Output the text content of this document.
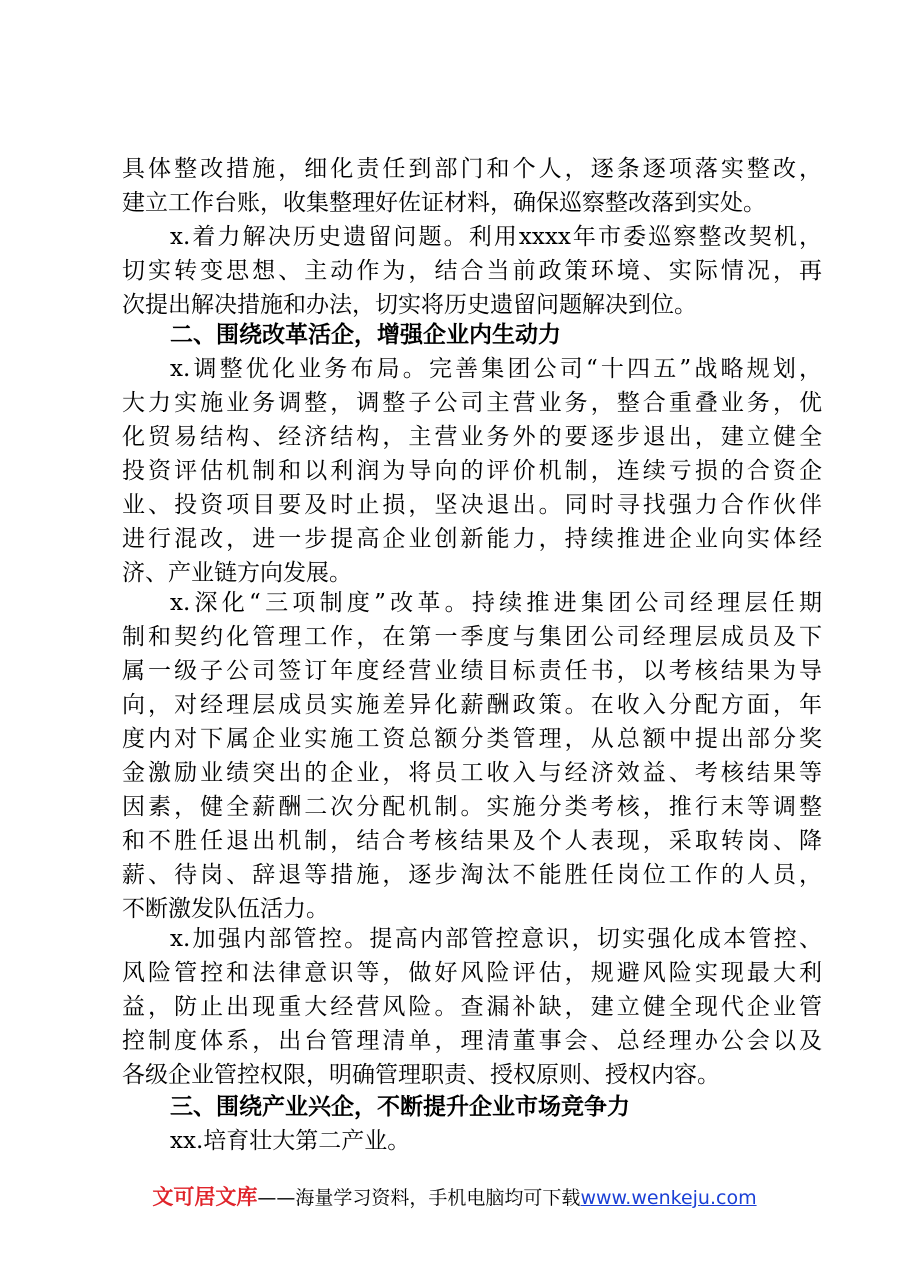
具体整改措施，细化责任到部门和个人，逐条逐项落实整改，

建立工作台账，收集整理好佐证材料，确保巡察整改落到实处。

x.着力解决历史遗留问题。利用xxxx年市委巡察整改契机，

切实转变思想、主动作为，结合当前政策环境、实际情况，再

次提出解决措施和办法，切实将历史遗留问题解决到位。

二、围绕改革活企，增强企业内生动力

x.调整优化业务布局。完善集团公司“十四五”战略规划，

大力实施业务调整，调整子公司主营业务，整合重叠业务，优

化贸易结构、经济结构，主营业务外的要逐步退出，建立健全

投资评估机制和以利润为导向的评价机制，连续亏损的合资企

业、投资项目要及时止损，坚决退出。同时寻找强力合作伙伴

进行混改，进一步提高企业创新能力，持续推进企业向实体经

济、产业链方向发展。

x.深化“三项制度”改革。持续推进集团公司经理层任期

制和契约化管理工作，在第一季度与集团公司经理层成员及下

属一级子公司签订年度经营业绩目标责任书，以考核结果为导

向，对经理层成员实施差异化薪酬政策。在收入分配方面，年

度内对下属企业实施工资总额分类管理，从总额中提出部分奖

金激励业绩突出的企业，将员工收入与经济效益、考核结果等

因素，健全薪酬二次分配机制。实施分类考核，推行末等调整

和不胜任退出机制，结合考核结果及个人表现，采取转岗、降

薪、待岗、辞退等措施，逐步淘汰不能胜任岗位工作的人员，

不断激发队伍活力。

x.加强内部管控。提高内部管控意识，切实强化成本管控、

风险管控和法律意识等，做好风险评估，规避风险实现最大利

益，防止出现重大经营风险。查漏补缺，建立健全现代企业管

控制度体系，出台管理清单，理清董事会、总经理办公会以及

各级企业管控权限，明确管理职责、授权原则、授权内容。

三、围绕产业兴企，不断提升企业市场竞争力

xx.培育壮大第二产业。

文可居文库——海量学习资料，手机电脑均可下载www.wenkeju.com
